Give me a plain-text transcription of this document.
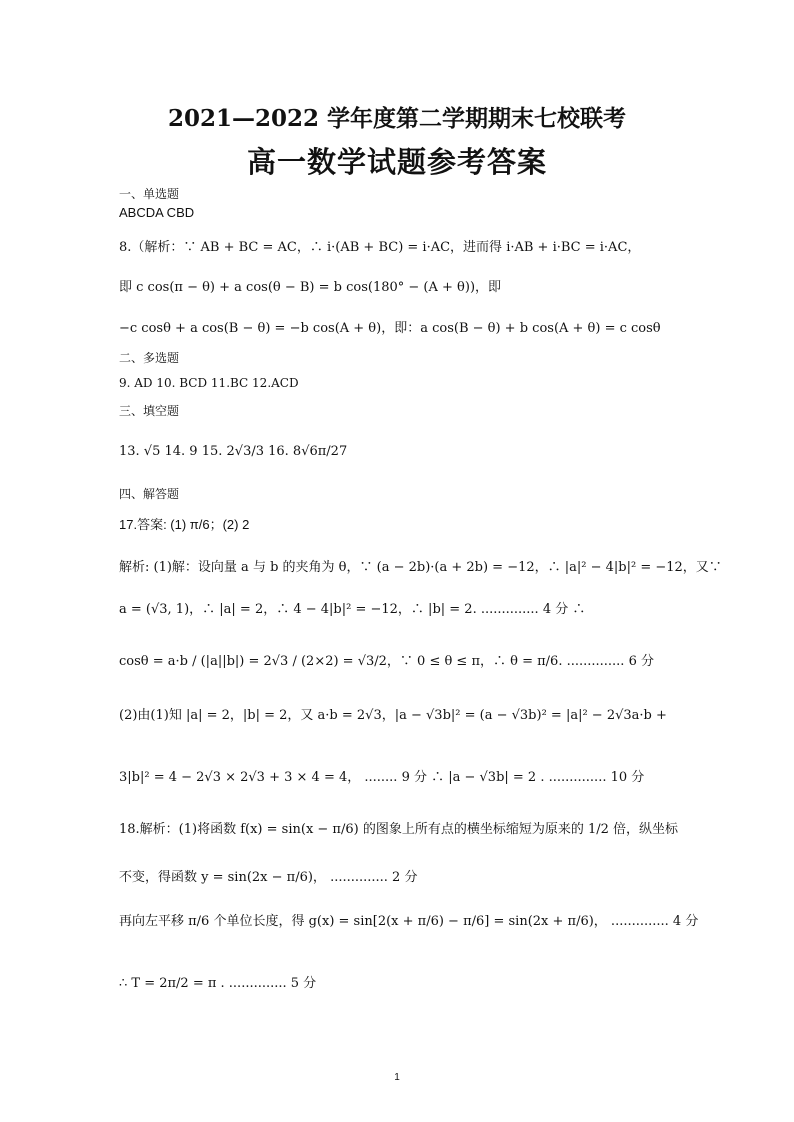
2021—2022 学年度第二学期期末七校联考
高一数学试题参考答案
一、单选题
ABCDA CBD
8.（解析：∵ AB + BC = AC，∴ i·(AB + BC) = i·AC，进而得 i·AB + i·BC = i·AC，
即 c cos(π − θ) + a cos(θ − B) = b cos(180° − (A + θ))，即
−c cosθ + a cos(B − θ) = −b cos(A + θ)，即：a cos(B − θ) + b cos(A + θ) = c cosθ
二、多选题
9. AD 10. BCD 11.BC 12.ACD
三、填空题
13. √5 14. 9 15. 2√3/3 16. 8√6π/27
四、解答题
17.答案: (1) π/6；(2) 2
解析: (1)解：设向量 a 与 b 的夹角为 θ，∵ (a − 2b)·(a + 2b) = −12，∴ |a|² − 4|b|² = −12，又∵
a = (√3, 1)，∴ |a| = 2，∴ 4 − 4|b|² = −12，∴ |b| = 2. .............. 4 分 ∴
cosθ = a·b / (|a||b|) = 2√3 / (2×2) = √3/2，∵ 0 ≤ θ ≤ π，∴ θ = π/6. .............. 6 分
(2)由(1)知 |a| = 2，|b| = 2，又 a·b = 2√3，|a − √3b|² = (a − √3b)² = |a|² − 2√3a·b +
3|b|² = 4 − 2√3 × 2√3 + 3 × 4 = 4， ........ 9 分 ∴ |a − √3b| = 2 . .............. 10 分
18.解析：(1)将函数 f(x) = sin(x − π/6) 的图象上所有点的横坐标缩短为原来的 1/2 倍，纵坐标
不变，得函数 y = sin(2x − π/6)， .............. 2 分
再向左平移 π/6 个单位长度，得 g(x) = sin[2(x + π/6) − π/6] = sin(2x + π/6)， .............. 4 分
∴ T = 2π/2 = π . .............. 5 分
1
